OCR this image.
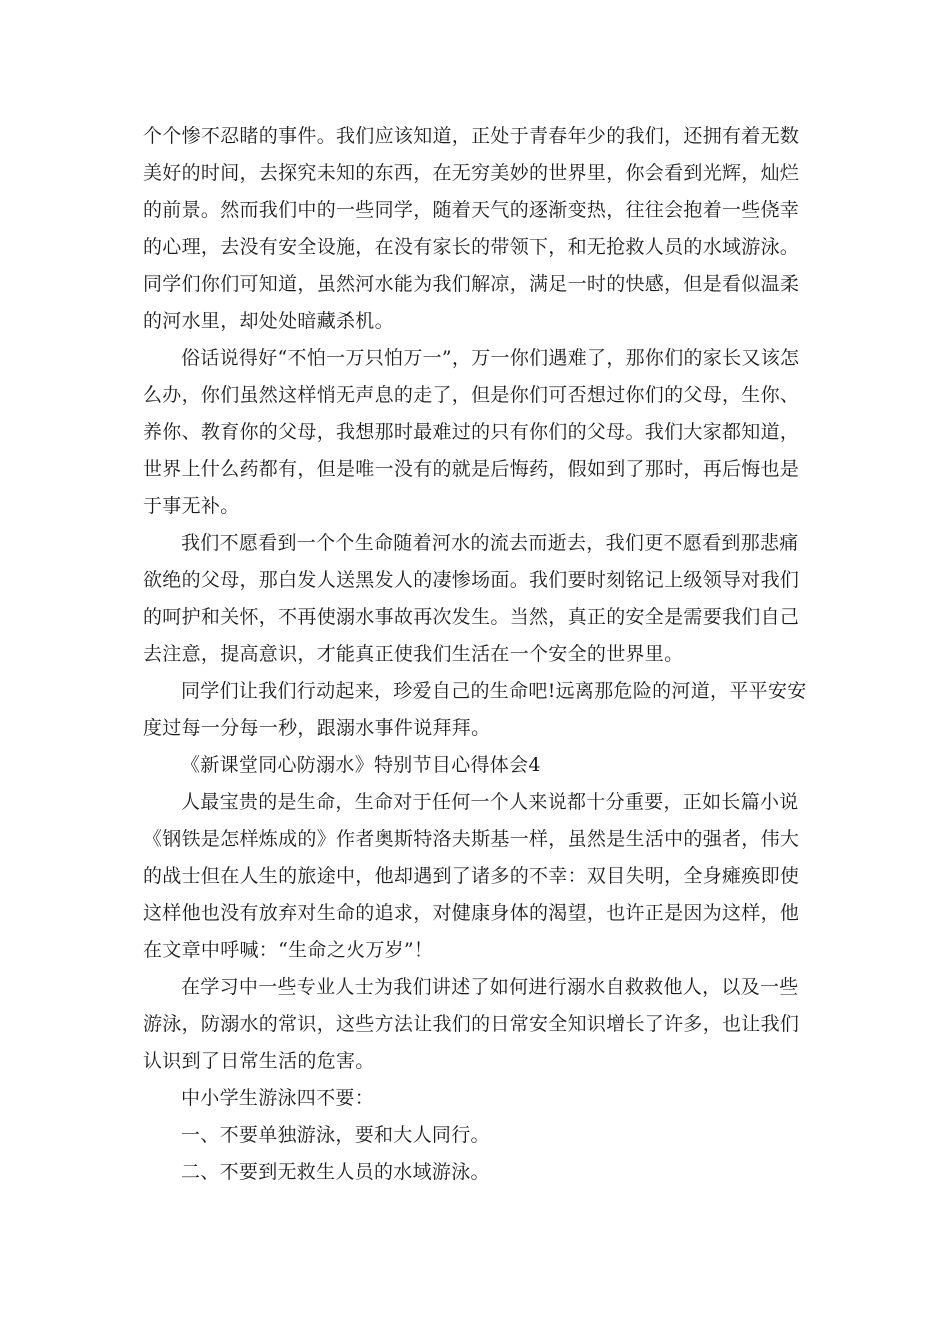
个个惨不忍睹的事件。我们应该知道，正处于青春年少的我们，还拥有着无数美好的时间，去探究未知的东西，在无穷美妙的世界里，你会看到光辉，灿烂的前景。然而我们中的一些同学，随着天气的逐渐变热，往往会抱着一些侥幸的心理，去没有安全设施，在没有家长的带领下，和无抢救人员的水域游泳。同学们你们可知道，虽然河水能为我们解凉，满足一时的快感，但是看似温柔的河水里，却处处暗藏杀机。

俗话说得好“不怕一万只怕万一”，万一你们遇难了，那你们的家长又该怎么办，你们虽然这样悄无声息的走了，但是你们可否想过你们的父母，生你、养你、教育你的父母，我想那时最难过的只有你们的父母。我们大家都知道，世界上什么药都有，但是唯一没有的就是后悔药，假如到了那时，再后悔也是于事无补。

我们不愿看到一个个生命随着河水的流去而逝去，我们更不愿看到那悲痛欲绝的父母，那白发人送黑发人的凄惨场面。我们要时刻铭记上级领导对我们的呵护和关怀，不再使溺水事故再次发生。当然，真正的安全是需要我们自己去注意，提高意识，才能真正使我们生活在一个安全的世界里。

同学们让我们行动起来，珍爱自己的生命吧!远离那危险的河道，平平安安度过每一分每一秒，跟溺水事件说拜拜。

《新课堂同心防溺水》特别节目心得体会4

人最宝贵的是生命，生命对于任何一个人来说都十分重要，正如长篇小说《钢铁是怎样炼成的》作者奥斯特洛夫斯基一样，虽然是生活中的强者，伟大的战士但在人生的旅途中，他却遇到了诸多的不幸：双目失明，全身瘫痪即使这样他也没有放弃对生命的追求，对健康身体的渴望，也许正是因为这样，他在文章中呼喊：“生命之火万岁”！

在学习中一些专业人士为我们讲述了如何进行溺水自救救他人，以及一些游泳，防溺水的常识，这些方法让我们的日常安全知识增长了许多，也让我们认识到了日常生活的危害。

中小学生游泳四不要：

一、不要单独游泳，要和大人同行。

二、不要到无救生人员的水域游泳。
